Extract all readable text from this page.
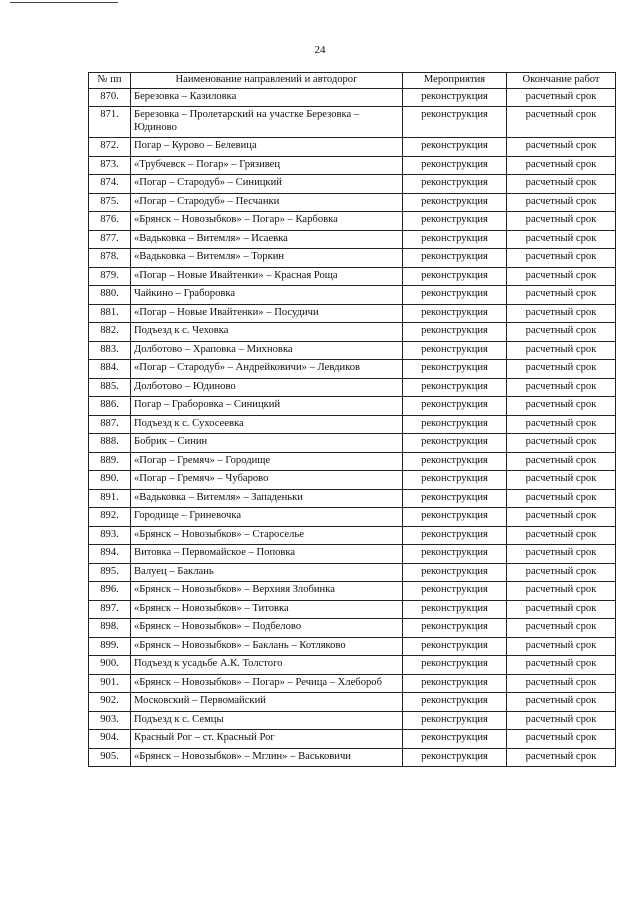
24
№ пп	Наименование направлений и автодорог	Мероприятия	Окончание работ
870.	Березовка – Казиловка	реконструкция	расчетный срок
871.	Березовка – Пролетарский на участке Березовка – Юдиново	реконструкция	расчетный срок
872.	Погар – Курово – Белевица	реконструкция	расчетный срок
873.	«Трубчевск – Погар» – Грязивец	реконструкция	расчетный срок
874.	«Погар – Стародуб» – Синицкий	реконструкция	расчетный срок
875.	«Погар – Стародуб» – Песчанки	реконструкция	расчетный срок
876.	«Брянск – Новозыбков» – Погар» – Карбовка	реконструкция	расчетный срок
877.	«Вадьковка – Витемля» – Исаевка	реконструкция	расчетный срок
878.	«Вадьковка – Витемля» – Торкин	реконструкция	расчетный срок
879.	«Погар – Новые Ивайтенки» – Красная Роща	реконструкция	расчетный срок
880.	Чайкино – Граборовка	реконструкция	расчетный срок
881.	«Погар – Новые Ивайтенки» – Посудичи	реконструкция	расчетный срок
882.	Подъезд к с. Чеховка	реконструкция	расчетный срок
883.	Долботово – Храповка – Михновка	реконструкция	расчетный срок
884.	«Погар – Стародуб» – Андрейковичи» – Левдиков	реконструкция	расчетный срок
885.	Долботово – Юдиново	реконструкция	расчетный срок
886.	Погар – Граборовка – Синицкий	реконструкция	расчетный срок
887.	Подъезд к с. Сухосеевка	реконструкция	расчетный срок
888.	Бобрик – Синин	реконструкция	расчетный срок
889.	«Погар – Гремяч» – Городище	реконструкция	расчетный срок
890.	«Погар – Гремяч» – Чубарово	реконструкция	расчетный срок
891.	«Вадьковка – Витемля» – Западеньки	реконструкция	расчетный срок
892.	Городище – Гриневочка	реконструкция	расчетный срок
893.	«Брянск – Новозыбков» – Староселье	реконструкция	расчетный срок
894.	Витовка – Первомайское – Поповка	реконструкция	расчетный срок
895.	Валуец – Баклань	реконструкция	расчетный срок
896.	«Брянск – Новозыбков» – Верхняя Злобинка	реконструкция	расчетный срок
897.	«Брянск – Новозыбков» – Титовка	реконструкция	расчетный срок
898.	«Брянск – Новозыбков» – Подбелово	реконструкция	расчетный срок
899.	«Брянск – Новозыбков» – Баклань – Котляково	реконструкция	расчетный срок
900.	Подъезд к усадьбе А.К. Толстого	реконструкция	расчетный срок
901.	«Брянск – Новозыбков» – Погар» – Речица – Хлебороб	реконструкция	расчетный срок
902.	Московский – Первомайский	реконструкция	расчетный срок
903.	Подъезд к с. Семцы	реконструкция	расчетный срок
904.	Красный Рог – ст. Красный Рог	реконструкция	расчетный срок
905.	«Брянск – Новозыбков» – Мглин» – Васьковичи	реконструкция	расчетный срок
